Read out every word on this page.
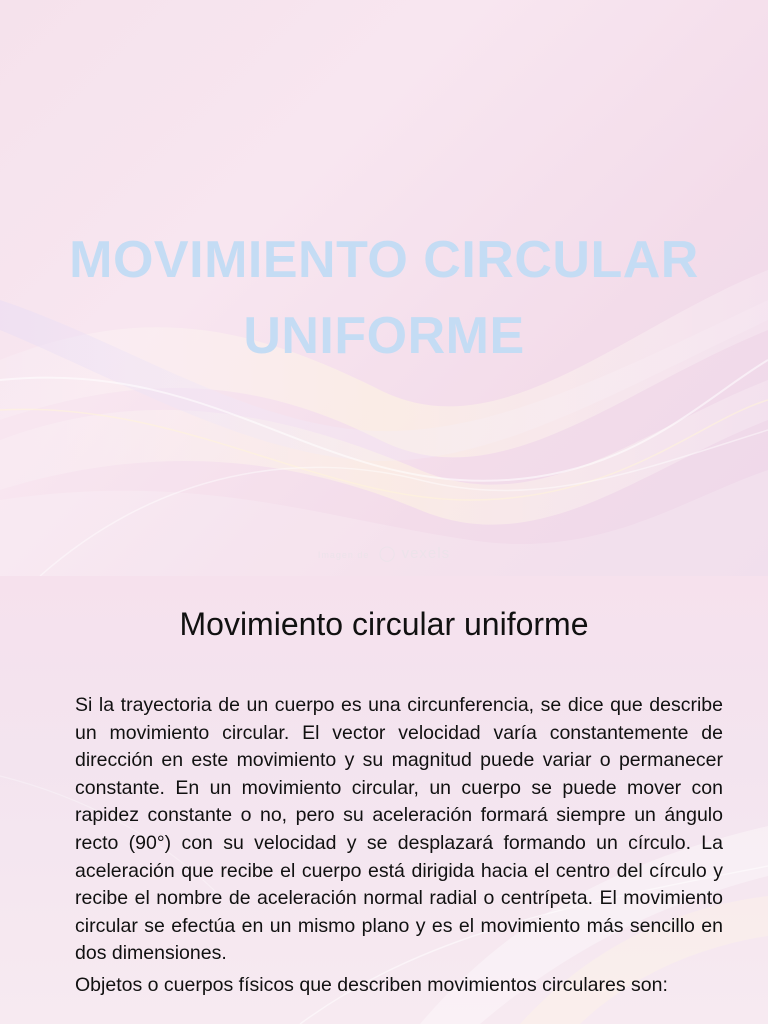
MOVIMIENTO CIRCULAR
UNIFORME
Imagen de ◯ vexels
Movimiento circular uniforme

Si la trayectoria de un cuerpo es una circunferencia, se dice que describe un movimiento circular. El vector velocidad varía constantemente de dirección en este movimiento y su magnitud puede variar o permanecer constante. En un movimiento circular, un cuerpo se puede mover con rapidez constante o no, pero su aceleración formará siempre un ángulo recto (90°) con su velocidad y se desplazará formando un círculo. La aceleración que recibe el cuerpo está dirigida hacia el centro del círculo y recibe el nombre de aceleración normal radial o centrípeta. El movimiento circular se efectúa en un mismo plano y es el movimiento más sencillo en dos dimensiones.

Objetos o cuerpos físicos que describen movimientos circulares son:
